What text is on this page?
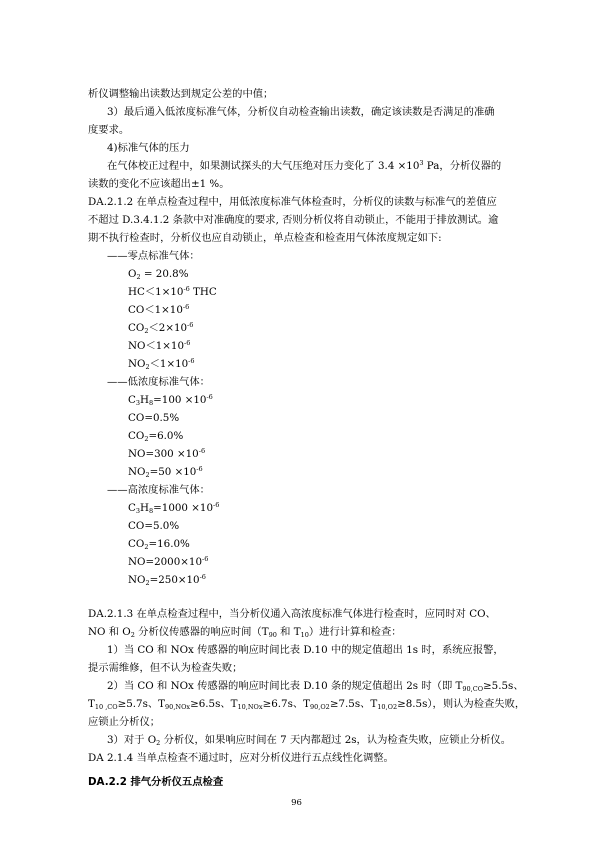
析仪调整输出读数达到规定公差的中值；
3）最后通入低浓度标准气体，分析仪自动检查输出读数，确定该读数是否满足的准确
度要求。
4)标准气体的压力
在气体校正过程中，如果测试探头的大气压绝对压力变化了 $3.4 \times 10^3$ Pa，分析仪器的
读数的变化不应该超出±1 %。
DA.2.1.2 在单点检查过程中，用低浓度标准气体检查时，分析仪的读数与标准气的差值应
不超过 D.3.4.1.2 条款中对准确度的要求, 否则分析仪将自动锁止，不能用于排放测试。逾
期不执行检查时，分析仪也应自动锁止，单点检查和检查用气体浓度规定如下:
——零点标准气体：
$O_2 = 20.8\%$
$HC<1\times 10^{-6}$ THC
$CO<1\times 10^{-6}$
$CO_2<2\times 10^{-6}$
$NO<1\times 10^{-6}$
$NO_2<1\times 10^{-6}$
——低浓度标准气体：
$C_3H_8=100 \times 10^{-6}$
CO=0.5%
$CO_2=6.0\%$
$NO=300 \times 10^{-6}$
$NO_2=50 \times 10^{-6}$
——高浓度标准气体：
$C_3H_8=1000 \times 10^{-6}$
CO=5.0%
$CO_2=16.0\%$
$NO=2000\times 10^{-6}$
$NO_2=250\times 10^{-6}$
DA.2.1.3 在单点检查过程中，当分析仪通入高浓度标准气体进行检查时，应同时对 CO、
NO 和 $O_2$ 分析仪传感器的响应时间（$T_{90}$ 和 $T_{10}$）进行计算和检查：
1）当 CO 和 NOx 传感器的响应时间比表 D.10 中的规定值超出 1s 时，系统应报警，
提示需维修，但不认为检查失败；
2）当 CO 和 NOx 传感器的响应时间比表 D.10 条的规定值超出 2s 时（即 $T_{90,CO}\ge 5.5s$、
$T_{10 ,CO}\ge 5.7s$、$T_{90,NOx}\ge 6.5s$、$T_{10,NOx}\ge 6.7s$、$T_{90,O2}\ge 7.5s$、$T_{10,O2}\ge 8.5s$），则认为检查失败，
应锁止分析仪；
3）对于 $O_2$ 分析仪，如果响应时间在 7 天内都超过 2s，认为检查失败，应锁止分析仪。
DA 2.1.4 当单点检查不通过时，应对分析仪进行五点线性化调整。
DA.2.2 排气分析仪五点检查
96
